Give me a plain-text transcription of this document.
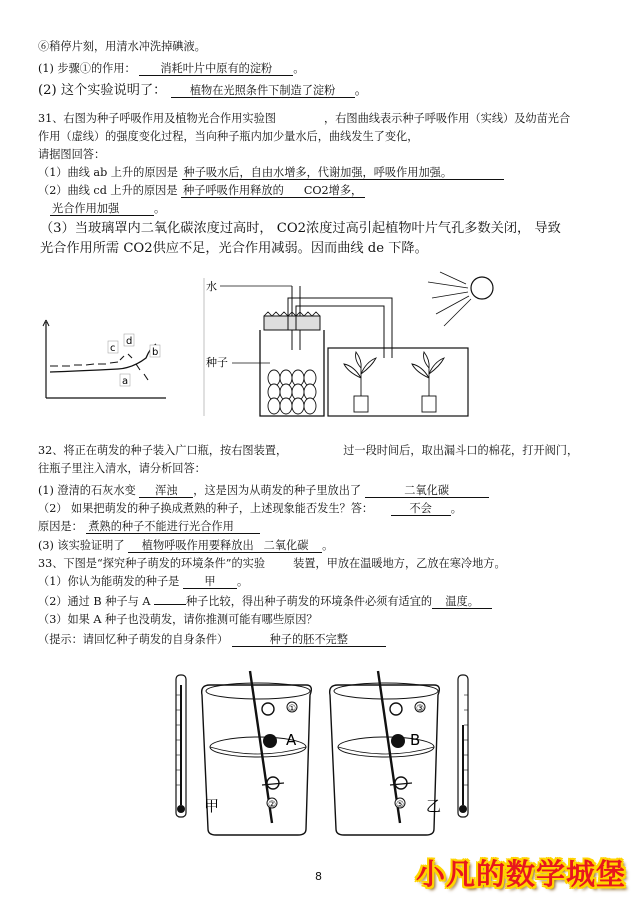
⑥稍停片刻，用清水冲洗掉碘液。
(1) 步骤①的作用： 消耗叶片中原有的淀粉 。
(2) 这个实验说明了： 植物在光照条件下制造了淀粉 。
31、右图为种子呼吸作用及植物光合作用实验图	，右图曲线表示种子呼吸作用（实线）及幼苗光合
作用（虚线）的强度变化过程，当向种子瓶内加少量水后，曲线发生了变化，
请据图回答：
（1）曲线 ab 上升的原因是 种子吸水后，自由水增多，代谢加强，呼吸作用加强。
（2）曲线 cd 上升的原因是 种子呼吸作用释放的 CO2增多，
光合作用加强	。
（3）当玻璃罩内二氧化碳浓度过高时， CO2浓度过高引起植物叶片气孔多数关闭， 导致
光合作用所需 CO2供应不足，光合作用减弱。因而曲线 de 下降。
c
d
b
a
水
种子
32、将正在萌发的种子装入广口瓶，按右图装置，	过一段时间后，取出漏斗口的棉花，打开阀门，
往瓶子里注入清水，请分析回答：
(1) 澄清的石灰水变 浑浊 ，这是因为从萌发的种子里放出了	二氧化碳
（2） 如果把萌发的种子换成煮熟的种子，上述现象能否发生？答：	不会 。
原因是： 煮熟的种子不能进行光合作用
(3) 该实验证明了 植物呼吸作用要释放出 二氧化碳 。
33、下图是“探究种子萌发的环境条件”的实验	装置，甲放在温暖地方，乙放在寒冷地方。
（1）你认为能萌发的种子是 甲 。
（2）通过 B 种子与 A	种子比较，得出种子萌发的环境条件必须有适宜的 温度。
（3）如果 A 种子也没萌发，请你推测可能有哪些原因？
（提示：请回忆种子萌发的自身条件）	种子的胚不完整
①
A
②
甲
③
B
⑤ 乙
8	小凡的数学城堡
